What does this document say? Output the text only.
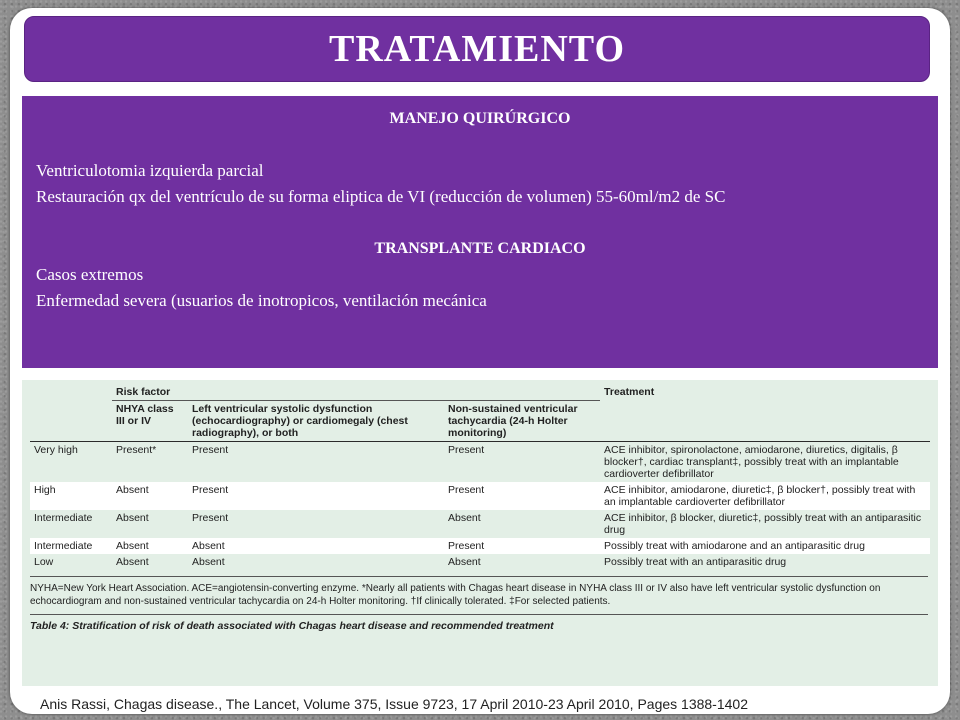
TRATAMIENTO

MANEJO QUIRÚRGICO

Ventriculotomia izquierda parcial

Restauración qx del ventrículo de su forma eliptica de VI (reducción de volumen) 55-60ml/m2 de SC

TRANSPLANTE CARDIACO

Casos extremos

Enfermedad severa (usuarios de inotropicos, ventilación mecánica

	Risk factor			Treatment
	NHYA class III or IV	Left ventricular systolic dysfunction (echocardiography) or cardiomegaly (chest radiography), or both	Non-sustained ventricular tachycardia (24-h Holter monitoring)	
Very high	Present*	Present	Present	ACE inhibitor, spironolactone, amiodarone, diuretics, digitalis, β blocker†, cardiac transplant‡, possibly treat with an implantable cardioverter defibrillator
High	Absent	Present	Present	ACE inhibitor, amiodarone, diuretic‡, β blocker†, possibly treat with an implantable cardioverter defibrillator
Intermediate	Absent	Present	Absent	ACE inhibitor, β blocker, diuretic‡, possibly treat with an antiparasitic drug
Intermediate	Absent	Absent	Present	Possibly treat with amiodarone and an antiparasitic drug
Low	Absent	Absent	Absent	Possibly treat with an antiparasitic drug
NYHA=New York Heart Association. ACE=angiotensin-converting enzyme. *Nearly all patients with Chagas heart disease in NYHA class III or IV also have left ventricular systolic dysfunction on echocardiogram and non-sustained ventricular tachycardia on 24-h Holter monitoring. †If clinically tolerated. ‡For selected patients.
Table 4: Stratification of risk of death associated with Chagas heart disease and recommended treatment
Anis Rassi, Chagas disease., The Lancet, Volume 375, Issue 9723, 17 April 2010-23 April 2010, Pages 1388-1402
